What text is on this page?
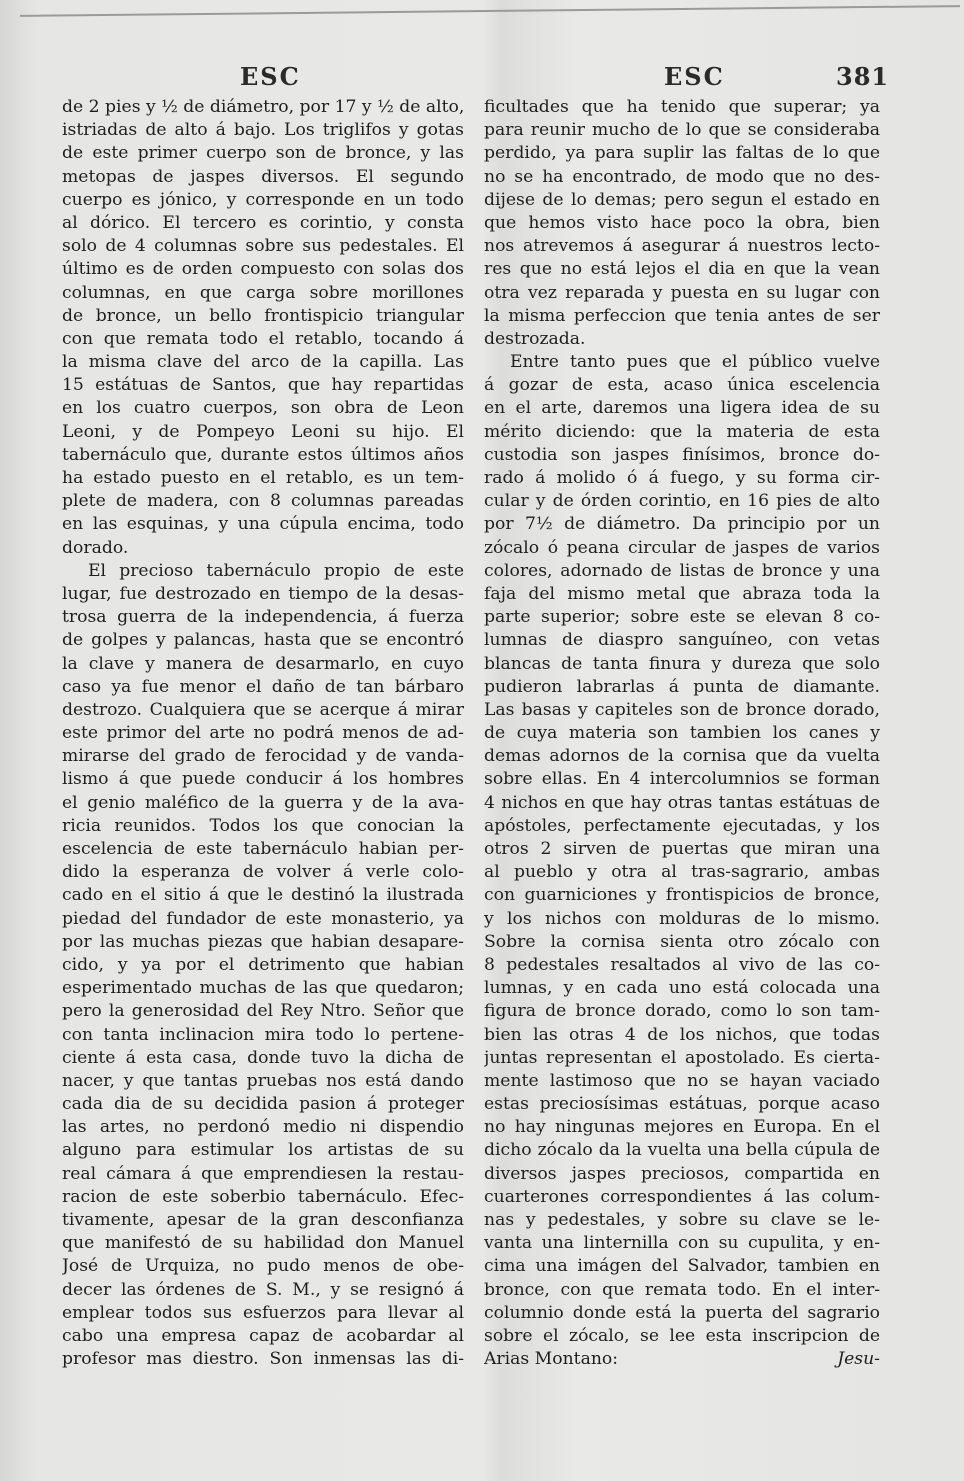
ESC	ESC	381
de 2 pies y ½ de diámetro, por 17 y ½ de alto,
istriadas de alto á bajo. Los triglifos y gotas
de este primer cuerpo son de bronce, y las
metopas de jaspes diversos. El segundo
cuerpo es jónico, y corresponde en un todo
al dórico. El tercero es corintio, y consta
solo de 4 columnas sobre sus pedestales. El
último es de orden compuesto con solas dos
columnas, en que carga sobre morillones
de bronce, un bello frontispicio triangular
con que remata todo el retablo, tocando á
la misma clave del arco de la capilla. Las
15 estátuas de Santos, que hay repartidas
en los cuatro cuerpos, son obra de Leon
Leoni, y de Pompeyo Leoni su hijo. El
tabernáculo que, durante estos últimos años
ha estado puesto en el retablo, es un tem-
plete de madera, con 8 columnas pareadas
en las esquinas, y una cúpula encima, todo
dorado.
El precioso tabernáculo propio de este
lugar, fue destrozado en tiempo de la desas-
trosa guerra de la independencia, á fuerza
de golpes y palancas, hasta que se encontró
la clave y manera de desarmarlo, en cuyo
caso ya fue menor el daño de tan bárbaro
destrozo. Cualquiera que se acerque á mirar
este primor del arte no podrá menos de ad-
mirarse del grado de ferocidad y de vanda-
lismo á que puede conducir á los hombres
el genio maléfico de la guerra y de la ava-
ricia reunidos. Todos los que conocian la
escelencia de este tabernáculo habian per-
dido la esperanza de volver á verle colo-
cado en el sitio á que le destinó la ilustrada
piedad del fundador de este monasterio, ya
por las muchas piezas que habian desapare-
cido, y ya por el detrimento que habian
esperimentado muchas de las que quedaron;
pero la generosidad del Rey Ntro. Señor que
con tanta inclinacion mira todo lo pertene-
ciente á esta casa, donde tuvo la dicha de
nacer, y que tantas pruebas nos está dando
cada dia de su decidida pasion á proteger
las artes, no perdonó medio ni dispendio
alguno para estimular los artistas de su
real cámara á que emprendiesen la restau-
racion de este soberbio tabernáculo. Efec-
tivamente, apesar de la gran desconfianza
que manifestó de su habilidad don Manuel
José de Urquiza, no pudo menos de obe-
decer las órdenes de S. M., y se resignó á
emplear todos sus esfuerzos para llevar al
cabo una empresa capaz de acobardar al
profesor mas diestro. Son inmensas las di-
ficultades que ha tenido que superar; ya
para reunir mucho de lo que se consideraba
perdido, ya para suplir las faltas de lo que
no se ha encontrado, de modo que no des-
dijese de lo demas; pero segun el estado en
que hemos visto hace poco la obra, bien
nos atrevemos á asegurar á nuestros lecto-
res que no está lejos el dia en que la vean
otra vez reparada y puesta en su lugar con
la misma perfeccion que tenia antes de ser
destrozada.
Entre tanto pues que el público vuelve
á gozar de esta, acaso única escelencia
en el arte, daremos una ligera idea de su
mérito diciendo: que la materia de esta
custodia son jaspes finísimos, bronce do-
rado á molido ó á fuego, y su forma cir-
cular y de órden corintio, en 16 pies de alto
por 7½ de diámetro. Da principio por un
zócalo ó peana circular de jaspes de varios
colores, adornado de listas de bronce y una
faja del mismo metal que abraza toda la
parte superior; sobre este se elevan 8 co-
lumnas de diaspro sanguíneo, con vetas
blancas de tanta finura y dureza que solo
pudieron labrarlas á punta de diamante.
Las basas y capiteles son de bronce dorado,
de cuya materia son tambien los canes y
demas adornos de la cornisa que da vuelta
sobre ellas. En 4 intercolumnios se forman
4 nichos en que hay otras tantas estátuas de
apóstoles, perfectamente ejecutadas, y los
otros 2 sirven de puertas que miran una
al pueblo y otra al tras-sagrario, ambas
con guarniciones y frontispicios de bronce,
y los nichos con molduras de lo mismo.
Sobre la cornisa sienta otro zócalo con
8 pedestales resaltados al vivo de las co-
lumnas, y en cada uno está colocada una
figura de bronce dorado, como lo son tam-
bien las otras 4 de los nichos, que todas
juntas representan el apostolado. Es cierta-
mente lastimoso que no se hayan vaciado
estas preciosísimas estátuas, porque acaso
no hay ningunas mejores en Europa. En el
dicho zócalo da la vuelta una bella cúpula de
diversos jaspes preciosos, compartida en
cuarterones correspondientes á las colum-
nas y pedestales, y sobre su clave se le-
vanta una linternilla con su cupulita, y en-
cima una imágen del Salvador, tambien en
bronce, con que remata todo. En el inter-
columnio donde está la puerta del sagrario
sobre el zócalo, se lee esta inscripcion de
Arias Montano:	Jesu-
